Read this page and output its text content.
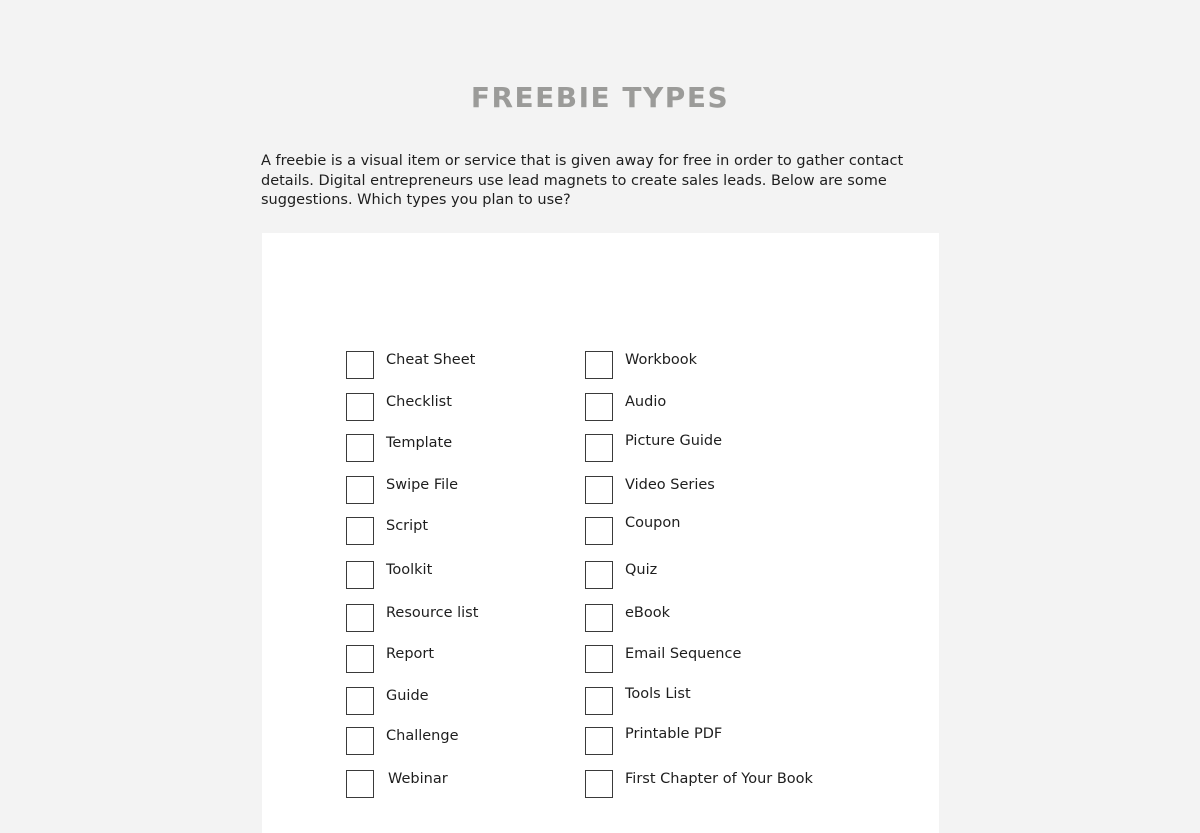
FREEBIE TYPES

A freebie is a visual item or service that is given away for free in order to gather contact details. Digital entrepreneurs use lead magnets to create sales leads. Below are some suggestions. Which types you plan to use?

Cheat Sheet
Checklist
Template
Swipe File
Script
Toolkit
Resource list
Report
Guide
Challenge
Webinar
Workbook
Audio
Picture Guide
Video Series
Coupon
Quiz
eBook
Email Sequence
Tools List
Printable PDF
First Chapter of Your Book
